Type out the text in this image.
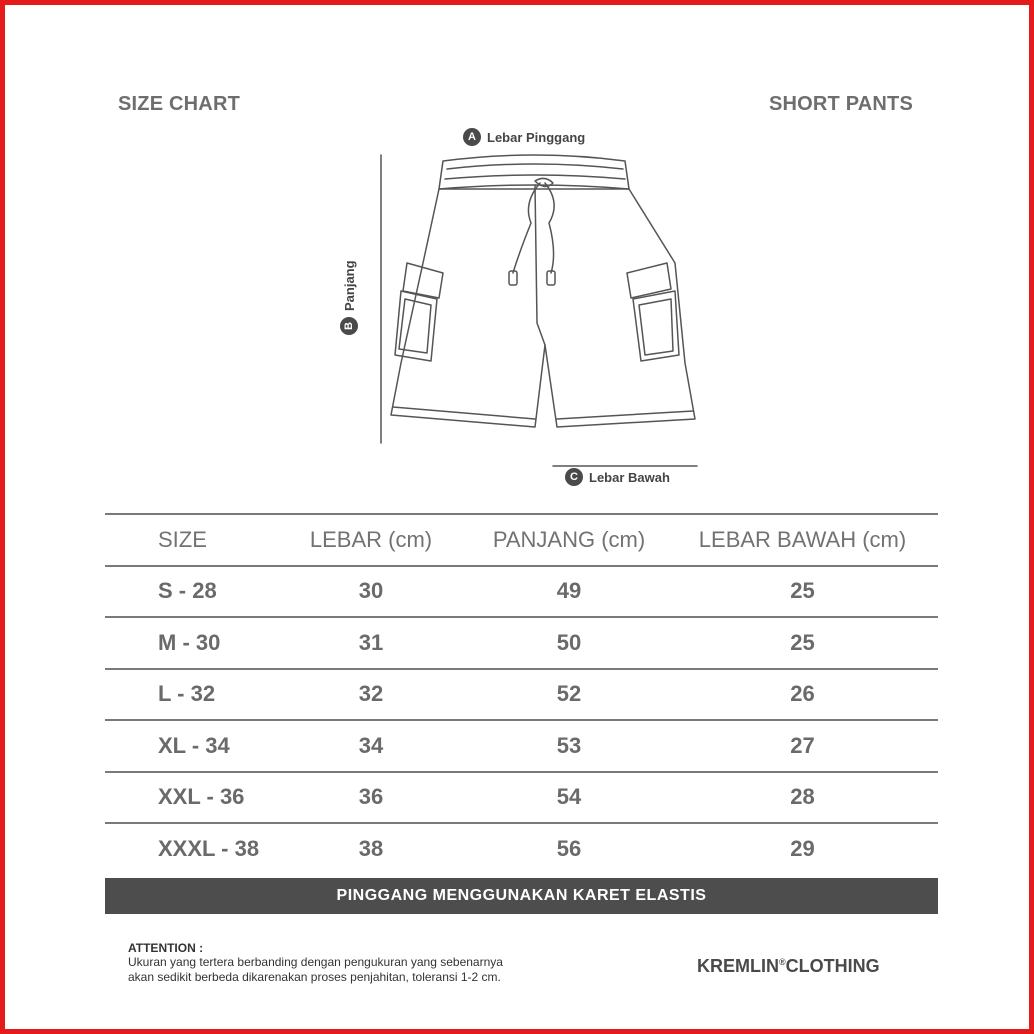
SIZE CHART	SHORT PANTS
A Lebar Pinggang
B
Panjang
C Lebar Bawah
SIZE	LEBAR (cm)	PANJANG (cm)	LEBAR BAWAH (cm)
S - 28	30	49	25
M - 30	31	50	25
L - 32	32	52	26
XL - 34	34	53	27
XXL - 36	36	54	28
XXXL - 38	38	56	29
PINGGANG MENGGUNAKAN KARET ELASTIS
ATTENTION :
Ukuran yang tertera berbanding dengan pengukuran yang sebenarnya
akan sedikit berbeda dikarenakan proses penjahitan, toleransi 1-2 cm.
KREMLIN®CLOTHING
